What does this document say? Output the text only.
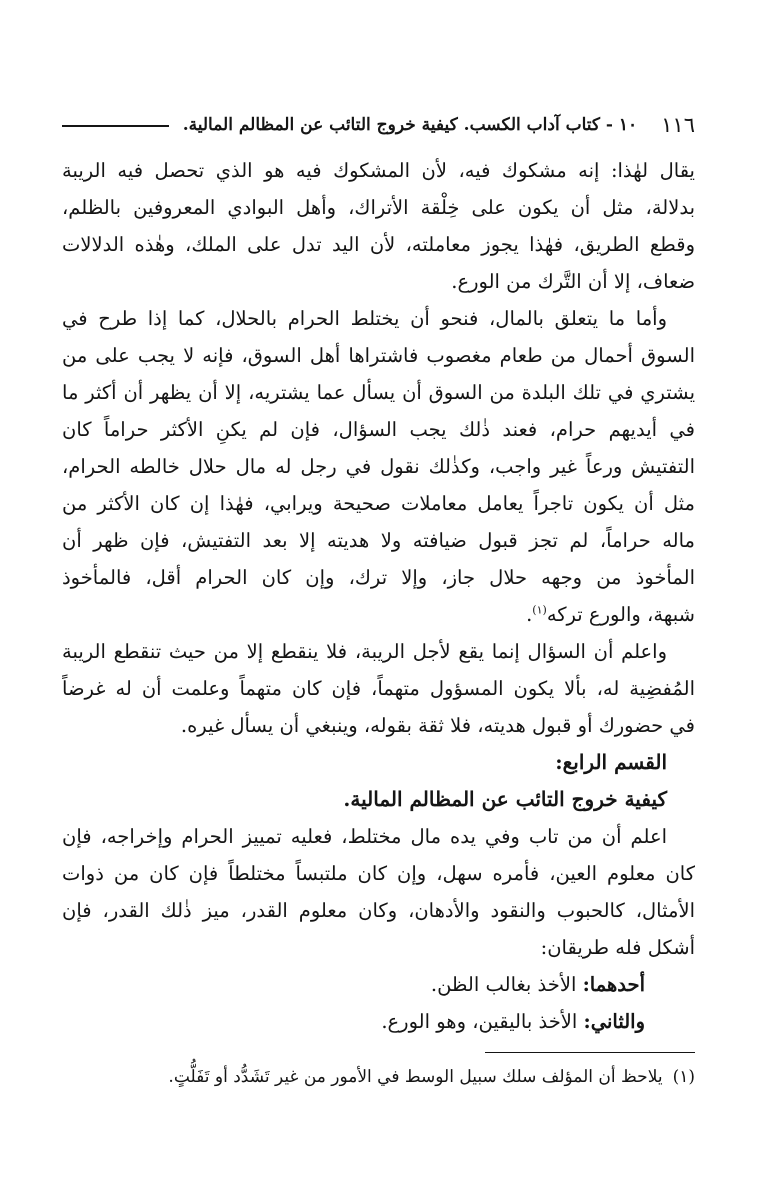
١١٦
١٠ - كتاب آداب الكسب. كيفية خروج التائب عن المظالم المالية.
يقال لهٰذا: إنه مشكوك فيه، لأن المشكوك فيه هو الذي تحصل فيه الريبة
بدلالة، مثل أن يكون على خِلْقة الأتراك، وأهل البوادي المعروفين بالظلم،
وقطع الطريق، فهٰذا يجوز معاملته، لأن اليد تدل على الملك، وهٰذه الدلالات
ضعاف، إلا أن التَّرك من الورع.
وأما ما يتعلق بالمال، فنحو أن يختلط الحرام بالحلال، كما إذا طرح في
السوق أحمال من طعام مغصوب فاشتراها أهل السوق، فإنه لا يجب على من
يشتري في تلك البلدة من السوق أن يسأل عما يشتريه، إلا أن يظهر أن أكثر ما
في أيديهم حرام، فعند ذٰلك يجب السؤال، فإن لم يكنِ الأكثر حراماً كان
التفتيش ورعاً غير واجب، وكذٰلك نقول في رجل له مال حلال خالطه الحرام،
مثل أن يكون تاجراً يعامل معاملات صحيحة ويرابي، فهٰذا إن كان الأكثر من
ماله حراماً، لم تجز قبول ضيافته ولا هديته إلا بعد التفتيش، فإن ظهر أن
المأخوذ من وجهه حلال جاز، وإلا ترك، وإن كان الحرام أقل، فالمأخوذ
شبهة، والورع تركه$^{(١)}$.
واعلم أن السؤال إنما يقع لأجل الريبة، فلا ينقطع إلا من حيث تنقطع الريبة
المُفضِية له، بألا يكون المسؤول متهماً، فإن كان متهماً وعلمت أن له غرضاً
في حضورك أو قبول هديته، فلا ثقة بقوله، وينبغي أن يسأل غيره.
القسم الرابع:
كيفية خروج التائب عن المظالم المالية.
اعلم أن من تاب وفي يده مال مختلط، فعليه تمييز الحرام وإخراجه، فإن
كان معلوم العين، فأمره سهل، وإن كان ملتبساً مختلطاً فإن كان من ذوات
الأمثال، كالحبوب والنقود والأدهان، وكان معلوم القدر، ميز ذٰلك القدر، فإن
أشكل فله طريقان:
أحدهما: الأخذ بغالب الظن.
والثاني: الأخذ باليقين، وهو الورع.
(١)يلاحظ أن المؤلف سلك سبيل الوسط في الأمور من غير تَشَدُّد أو تَفَلُّتٍ.
